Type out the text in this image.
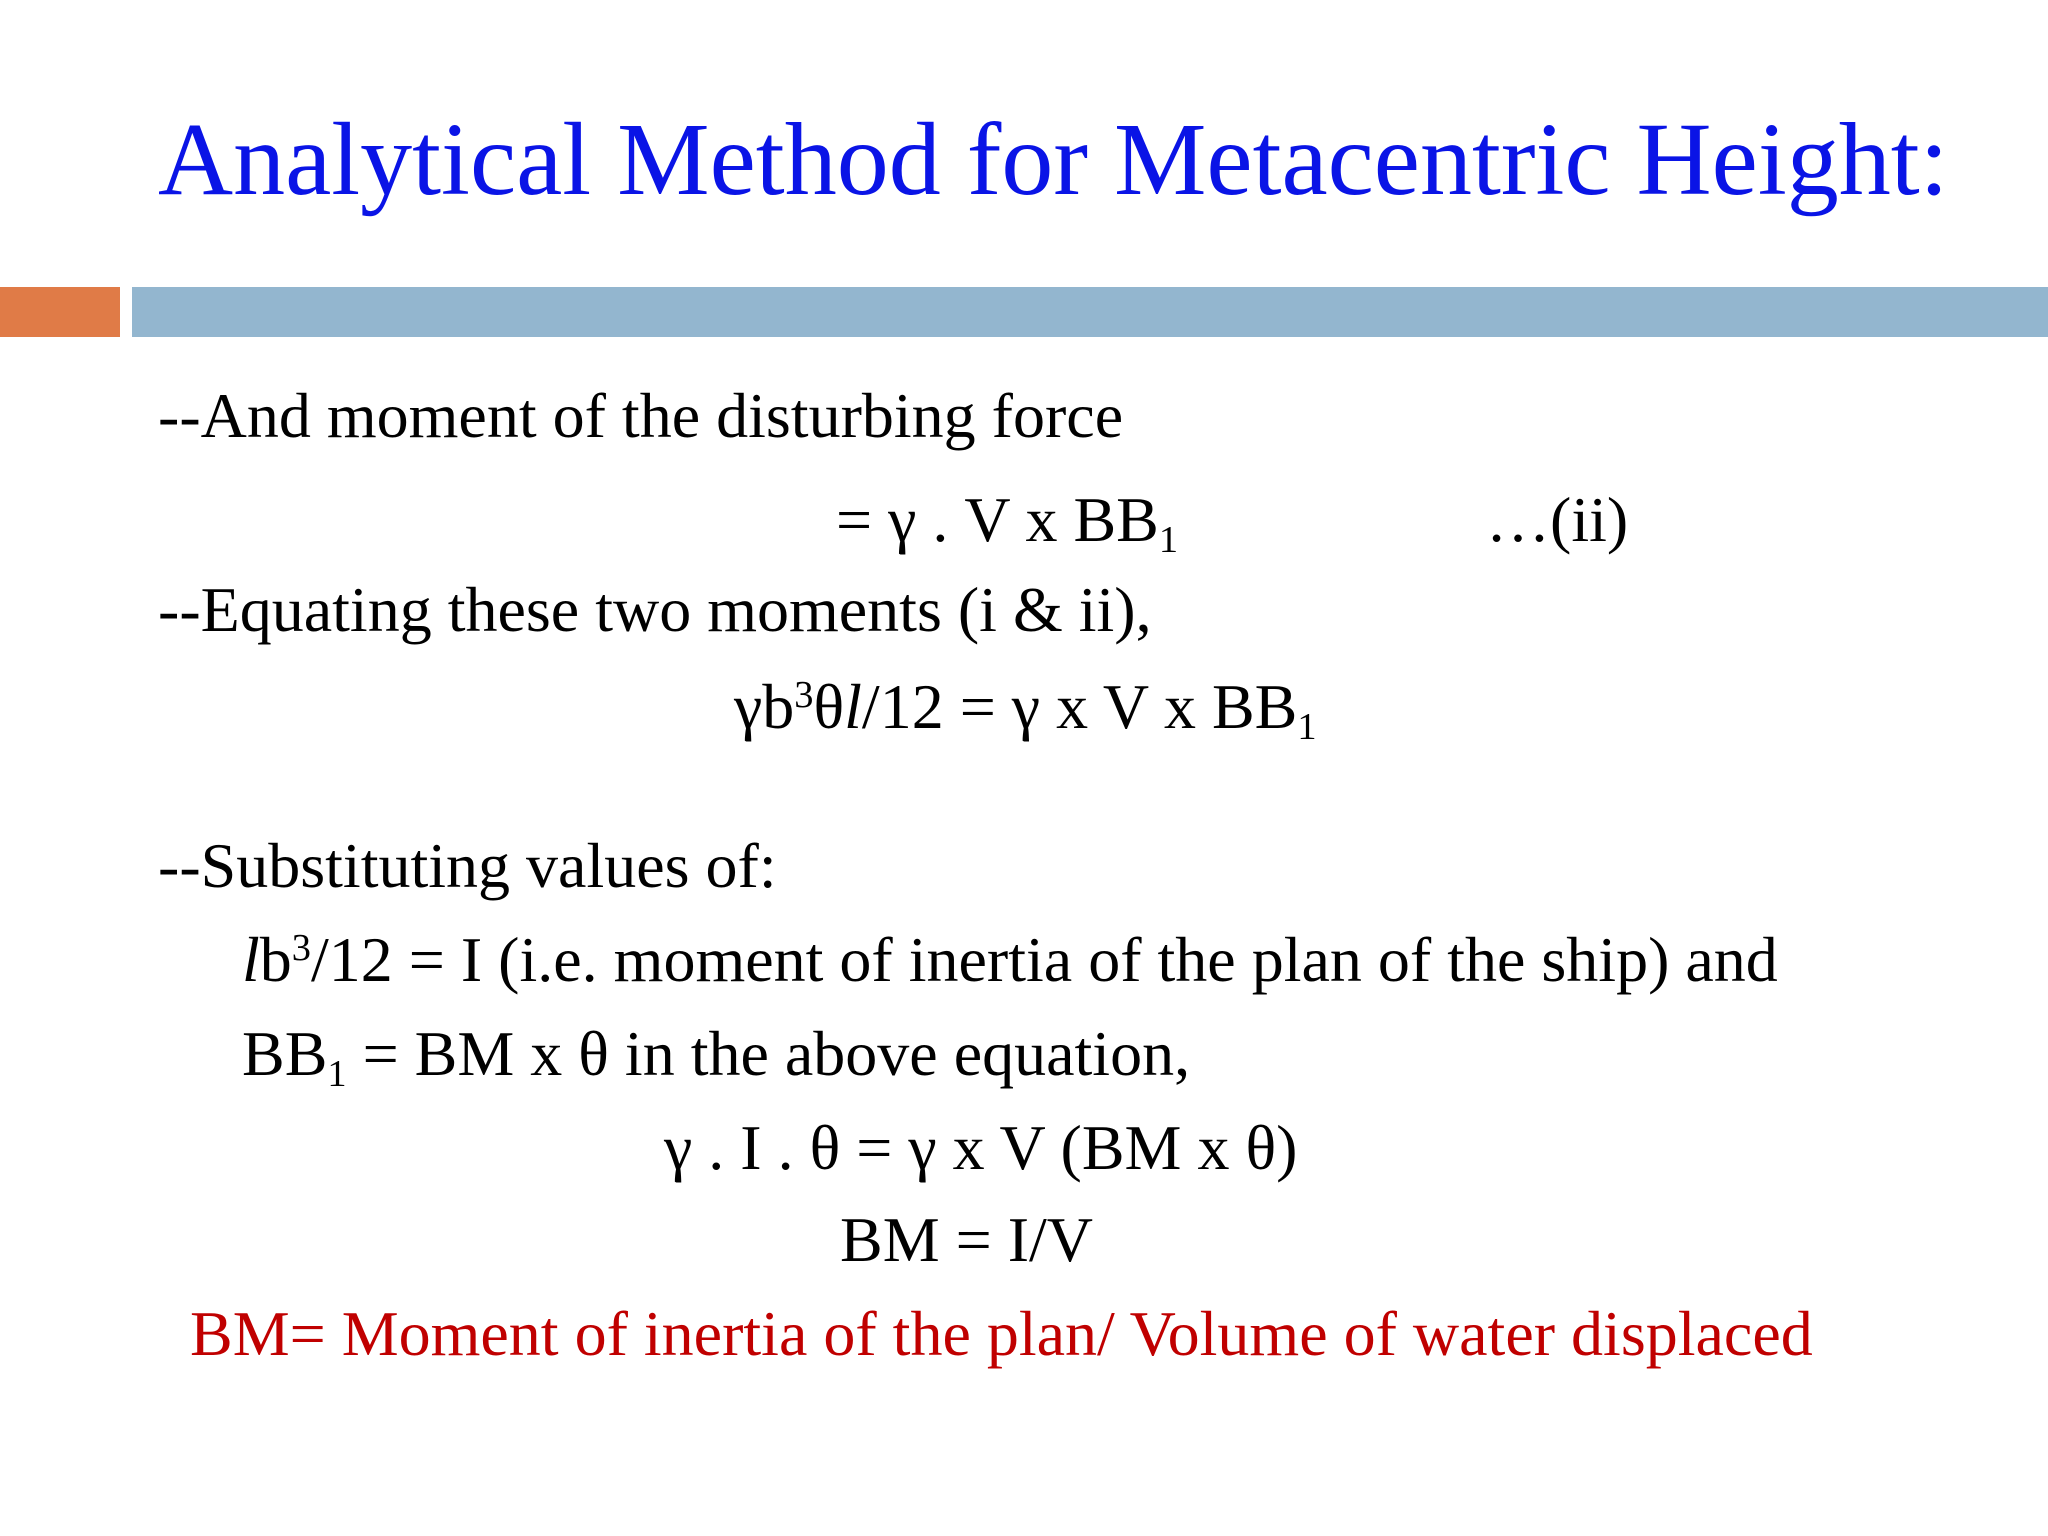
Analytical Method for Metacentric Height:
--And moment of the disturbing force
= γ . V x $BB_1$	…(ii)
--Equating these two moments (i & ii),
$\gamma b^3\theta l/12 = \gamma$ x V x $BB_1$
--Substituting values of:
$lb^3/12 = I$ (i.e. moment of inertia of the plan of the ship) and
$BB_1$ = BM x θ in the above equation,
γ . I . θ = γ x V (BM x θ)
BM = I/V
BM= Moment of inertia of the plan/ Volume of water displaced
